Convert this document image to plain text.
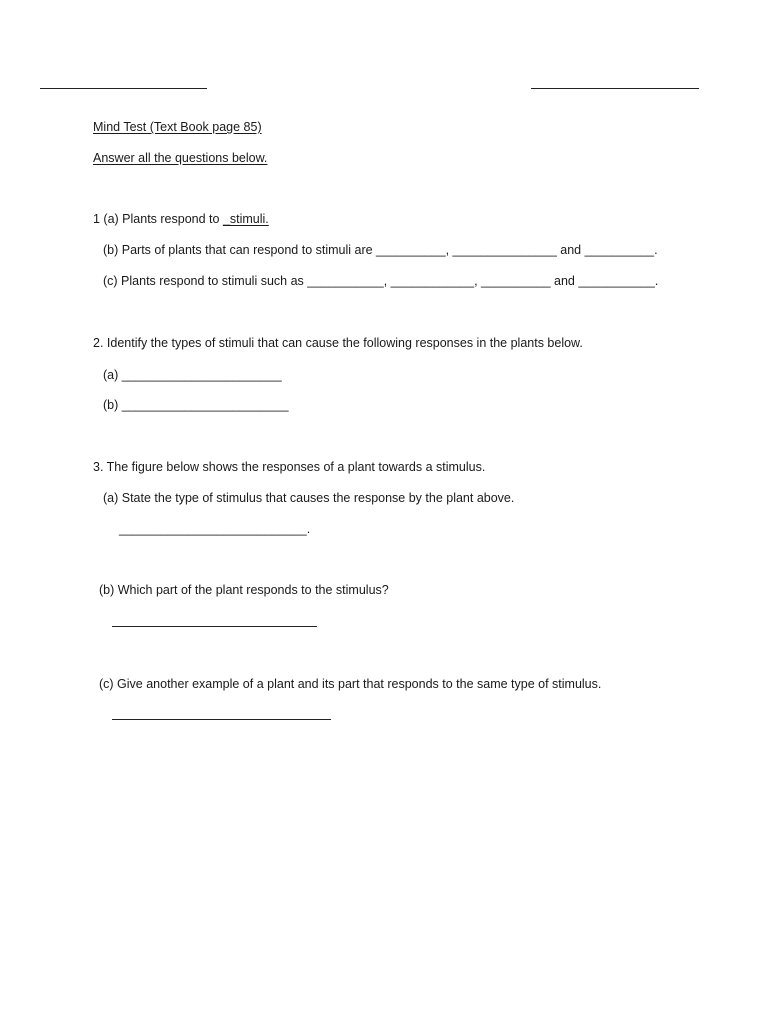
Mind Test (Text Book page 85)
Answer all the questions below.
1 (a) Plants respond to _stimuli.
(b) Parts of plants that can respond to stimuli are __________, _______________ and __________.
(c) Plants respond to stimuli such as ___________, ____________, __________ and ___________.
2. Identify the types of stimuli that can cause the following responses in the plants below.
(a) _______________________
(b) ________________________
3. The figure below shows the responses of a plant towards a stimulus.
(a) State the type of stimulus that causes the response by the plant above.
___________________________.
(b) Which part of the plant responds to the stimulus?
(c) Give another example of a plant and its part that responds to the same type of stimulus.
